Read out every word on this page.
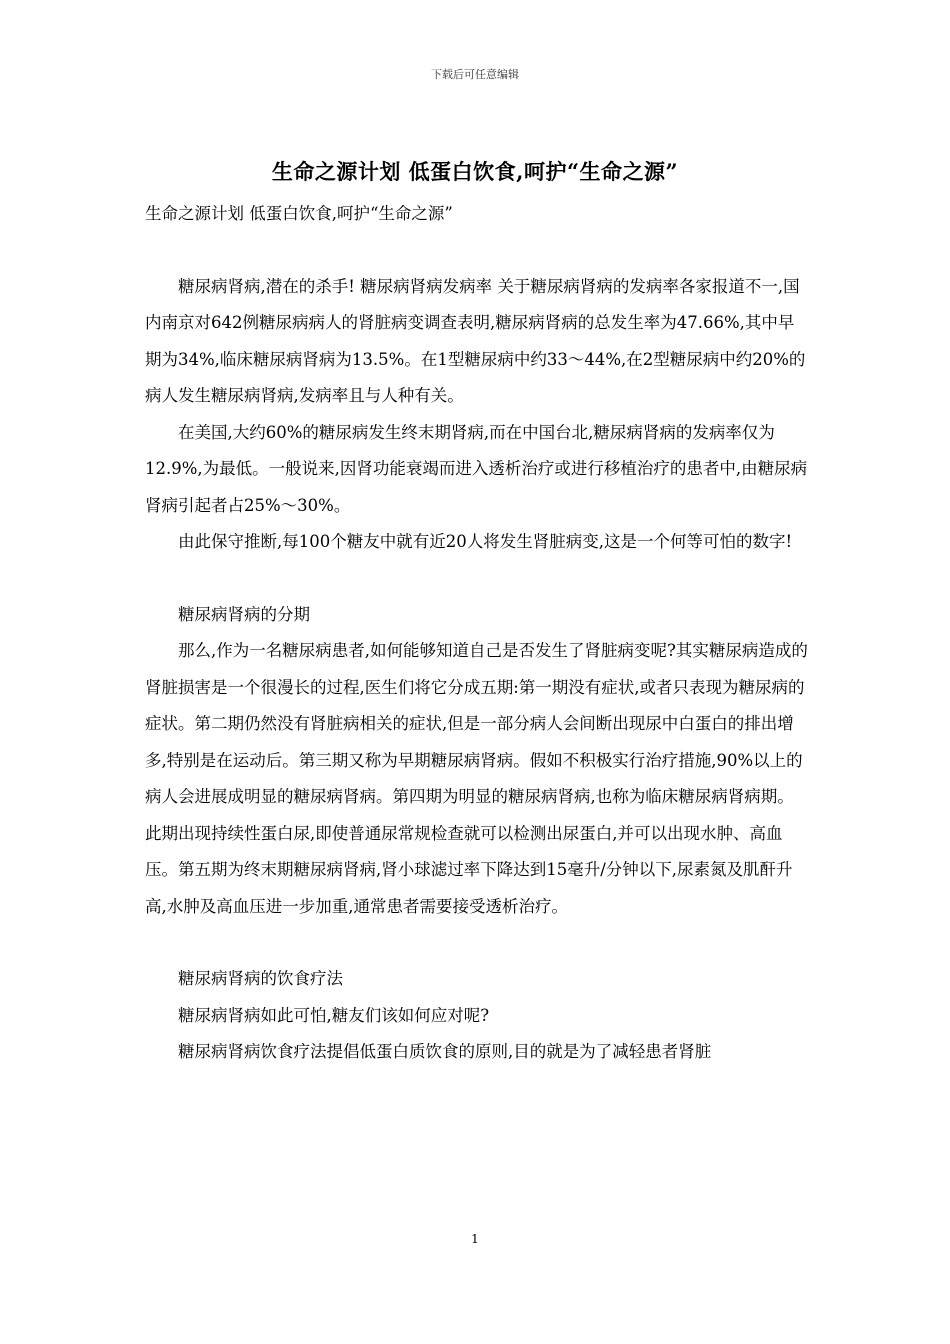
下载后可任意编辑
生命之源计划 低蛋白饮食,呵护“生命之源”

生命之源计划 低蛋白饮食,呵护“生命之源”

糖尿病肾病,潜在的杀手! 糖尿病肾病发病率 关于糖尿病肾病的发病率各家报道不一,国内南京对642例糖尿病病人的肾脏病变调查表明,糖尿病肾病的总发生率为47.66%,其中早期为34%,临床糖尿病肾病为13.5%。在1型糖尿病中约33～44%,在2型糖尿病中约20%的病人发生糖尿病肾病,发病率且与人种有关。

在美国,大约60%的糖尿病发生终末期肾病,而在中国台北,糖尿病肾病的发病率仅为12.9%,为最低。一般说来,因肾功能衰竭而进入透析治疗或进行移植治疗的患者中,由糖尿病肾病引起者占25%～30%。

由此保守推断,每100个糖友中就有近20人将发生肾脏病变,这是一个何等可怕的数字!

糖尿病肾病的分期

那么,作为一名糖尿病患者,如何能够知道自己是否发生了肾脏病变呢?其实糖尿病造成的肾脏损害是一个很漫长的过程,医生们将它分成五期:第一期没有症状,或者只表现为糖尿病的症状。第二期仍然没有肾脏病相关的症状,但是一部分病人会间断出现尿中白蛋白的排出增多,特别是在运动后。第三期又称为早期糖尿病肾病。假如不积极实行治疗措施,90%以上的病人会进展成明显的糖尿病肾病。第四期为明显的糖尿病肾病,也称为临床糖尿病肾病期。此期出现持续性蛋白尿,即使普通尿常规检查就可以检测出尿蛋白,并可以出现水肿、高血压。第五期为终末期糖尿病肾病,肾小球滤过率下降达到15毫升/分钟以下,尿素氮及肌酐升高,水肿及高血压进一步加重,通常患者需要接受透析治疗。

糖尿病肾病的饮食疗法

糖尿病肾病如此可怕,糖友们该如何应对呢?

糖尿病肾病饮食疗法提倡低蛋白质饮食的原则,目的就是为了减轻患者肾脏

1
